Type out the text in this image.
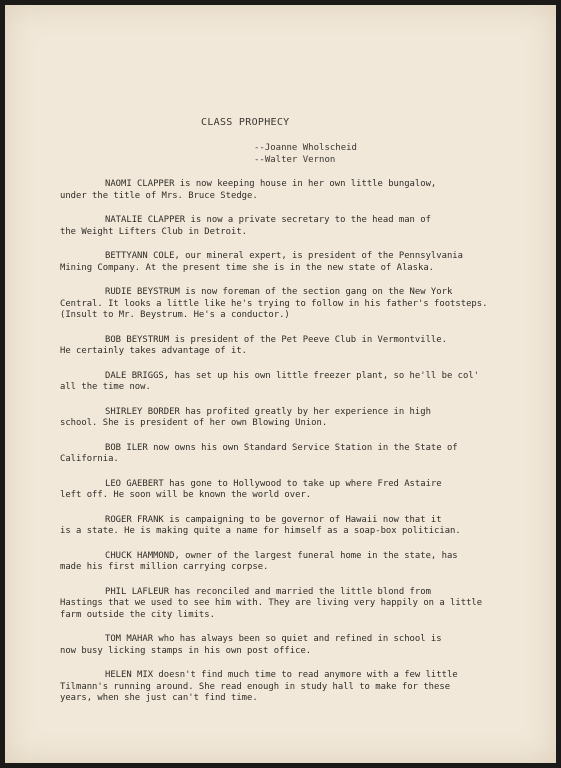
CLASS PROPHECY
--Joanne Wholscheid
--Walter Vernon
NAOMI CLAPPER is now keeping house in her own little bungalow,
under the title of Mrs. Bruce Stedge.
NATALIE CLAPPER is now a private secretary to the head man of
the Weight Lifters Club in Detroit.
BETTYANN COLE, our mineral expert, is president of the Pennsylvania
Mining Company. At the present time she is in the new state of Alaska.
RUDIE BEYSTRUM is now foreman of the section gang on the New York
Central. It looks a little like he's trying to follow in his father's footsteps.
(Insult to Mr. Beystrum. He's a conductor.)
BOB BEYSTRUM is president of the Pet Peeve Club in Vermontville.
He certainly takes advantage of it.
DALE BRIGGS, has set up his own little freezer plant, so he'll be col'
all the time now.
SHIRLEY BORDER has profited greatly by her experience in high
school. She is president of her own Blowing Union.
BOB ILER now owns his own Standard Service Station in the State of
California.
LEO GAEBERT has gone to Hollywood to take up where Fred Astaire
left off. He soon will be known the world over.
ROGER FRANK is campaigning to be governor of Hawaii now that it
is a state. He is making quite a name for himself as a soap-box politician.
CHUCK HAMMOND, owner of the largest funeral home in the state, has
made his first million carrying corpse.
PHIL LAFLEUR has reconciled and married the little blond from
Hastings that we used to see him with. They are living very happily on a little
farm outside the city limits.
TOM MAHAR who has always been so quiet and refined in school is
now busy licking stamps in his own post office.
HELEN MIX doesn't find much time to read anymore with a few little
Tilmann's running around. She read enough in study hall to make for these
years, when she just can't find time.
